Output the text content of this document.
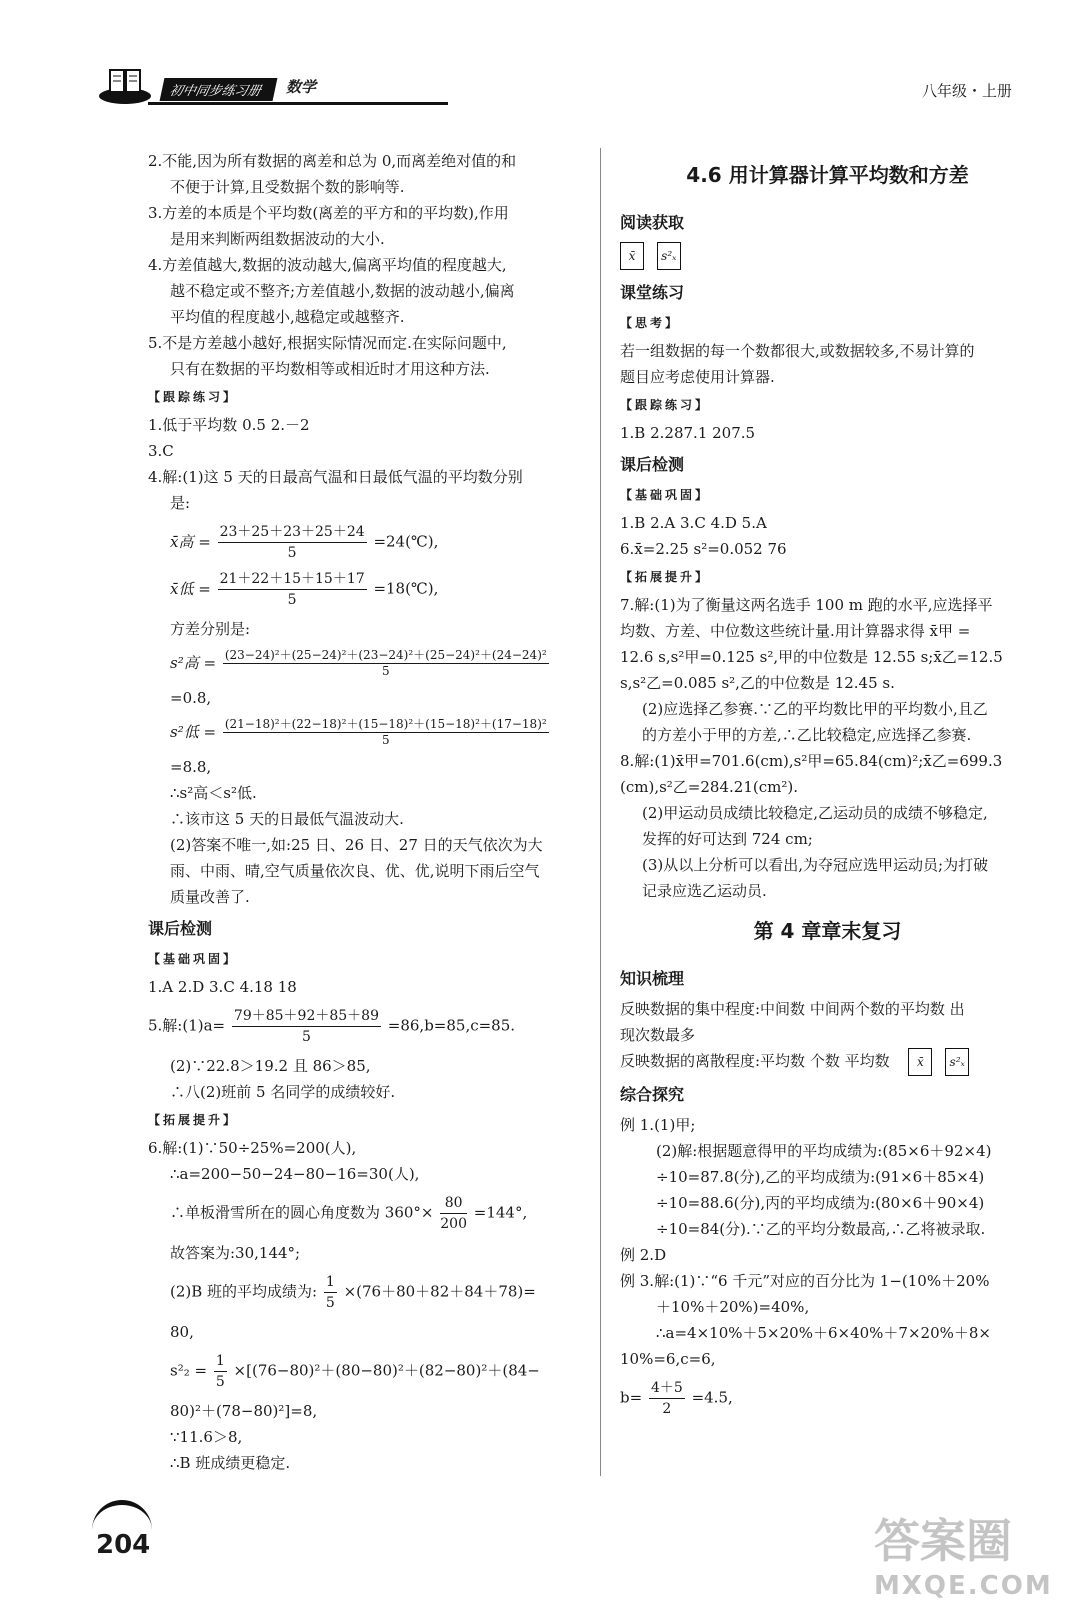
初中同步练习册	数学	八年级・上册

2.不能,因为所有数据的离差和总为 0,而离差绝对值的和

不便于计算,且受数据个数的影响等.

3.方差的本质是个平均数(离差的平方和的平均数),作用

是用来判断两组数据波动的大小.

4.方差值越大,数据的波动越大,偏离平均值的程度越大,

越不稳定或不整齐;方差值越小,数据的波动越小,偏离

平均值的程度越小,越稳定或越整齐.

5.不是方差越小越好,根据实际情况而定.在实际问题中,

只有在数据的平均数相等或相近时才用这种方法.

【跟踪练习】

1.低于平均数 0.5 2.－2

3.C

4.解:(1)这 5 天的日最高气温和日最低气温的平均数分别

是:

x̄高 = $\frac{23+25+23+25+24}{5}$ =24(℃),
x̄低 = $\frac{21+22+15+15+17}{5}$ =18(℃),

方差分别是:

s²高 = $\frac{\text{(23−24)²＋(25−24)²＋(23−24)²＋(25−24)²＋(24−24)²}}{5}$

=0.8,

s²低 = $\frac{\text{(21−18)²＋(22−18)²＋(15−18)²＋(15−18)²＋(17−18)²}}{5}$

=8.8,

∴s²高＜s²低.

∴该市这 5 天的日最低气温波动大.

(2)答案不唯一,如:25 日、26 日、27 日的天气依次为大

雨、中雨、晴,空气质量依次良、优、优,说明下雨后空气

质量改善了.

课后检测

【基础巩固】

1.A 2.D 3.C 4.18 18

5.解:(1)a= $\frac{79+85+92+85+89}{5} =86,b=85,c=85$.

(2)∵22.8＞19.2 且 86＞85,

∴八(2)班前 5 名同学的成绩较好.

【拓展提升】

6.解:(1)∵50÷25%=200(人),

∴a=200−50−24−80−16=30(人),

∴单板滑雪所在的圆心角度数为 $360^\circ\times \frac{80}{200} =144^\circ$,

故答案为:30,144°;

(2)B 班的平均成绩为: $\frac{1}{5} \times(76+80+82+84+78)=$

80,

$s^2_2 = \frac{1}{5} \times[(76-80)^2+(80-80)^2+(82-80)^2+(84-$

80)²＋(78−80)²]=8,

∵11.6＞8,

∴B 班成绩更稳定.

4.6 用计算器计算平均数和方差

阅读获取

x̄ s²ₓ

课堂练习

【思考】

若一组数据的每一个数都很大,或数据较多,不易计算的

题目应考虑使用计算器.

【跟踪练习】

1.B 2.287.1 207.5

课后检测

【基础巩固】

1.B 2.A 3.C 4.D 5.A

6.x̄=2.25 s²=0.052 76

【拓展提升】

7.解:(1)为了衡量这两名选手 100 m 跑的水平,应选择平

均数、方差、中位数这些统计量.用计算器求得 x̄甲 =

12.6 s,s²甲=0.125 s²,甲的中位数是 12.55 s;x̄乙=12.5

s,s²乙=0.085 s²,乙的中位数是 12.45 s.

(2)应选择乙参赛.∵乙的平均数比甲的平均数小,且乙

的方差小于甲的方差,∴乙比较稳定,应选择乙参赛.

8.解:(1)x̄甲=701.6(cm),s²甲=65.84(cm)²;x̄乙=699.3

(cm),s²乙=284.21(cm²).

(2)甲运动员成绩比较稳定,乙运动员的成绩不够稳定,

发挥的好可达到 724 cm;

(3)从以上分析可以看出,为夺冠应选甲运动员;为打破

记录应选乙运动员.

第 4 章章末复习

知识梳理

反映数据的集中程度:中间数 中间两个数的平均数 出

现次数最多

反映数据的离散程度:平均数 个数 平均数 x̄ s²ₓ

综合探究

例 1.(1)甲;

(2)解:根据题意得甲的平均成绩为:(85×6＋92×4)

÷10=87.8(分),乙的平均成绩为:(91×6＋85×4)

÷10=88.6(分),丙的平均成绩为:(80×6＋90×4)

÷10=84(分).∵乙的平均分数最高,∴乙将被录取.

例 2.D

例 3.解:(1)∵“6 千元”对应的百分比为 1−(10%＋20%

＋10%＋20%)=40%,

∴a=4×10%＋5×20%＋6×40%＋7×20%＋8×

10%=6,c=6,

$b= \frac{4+5}{2} =4.5$,
204	答案圈
MXQE.COM
